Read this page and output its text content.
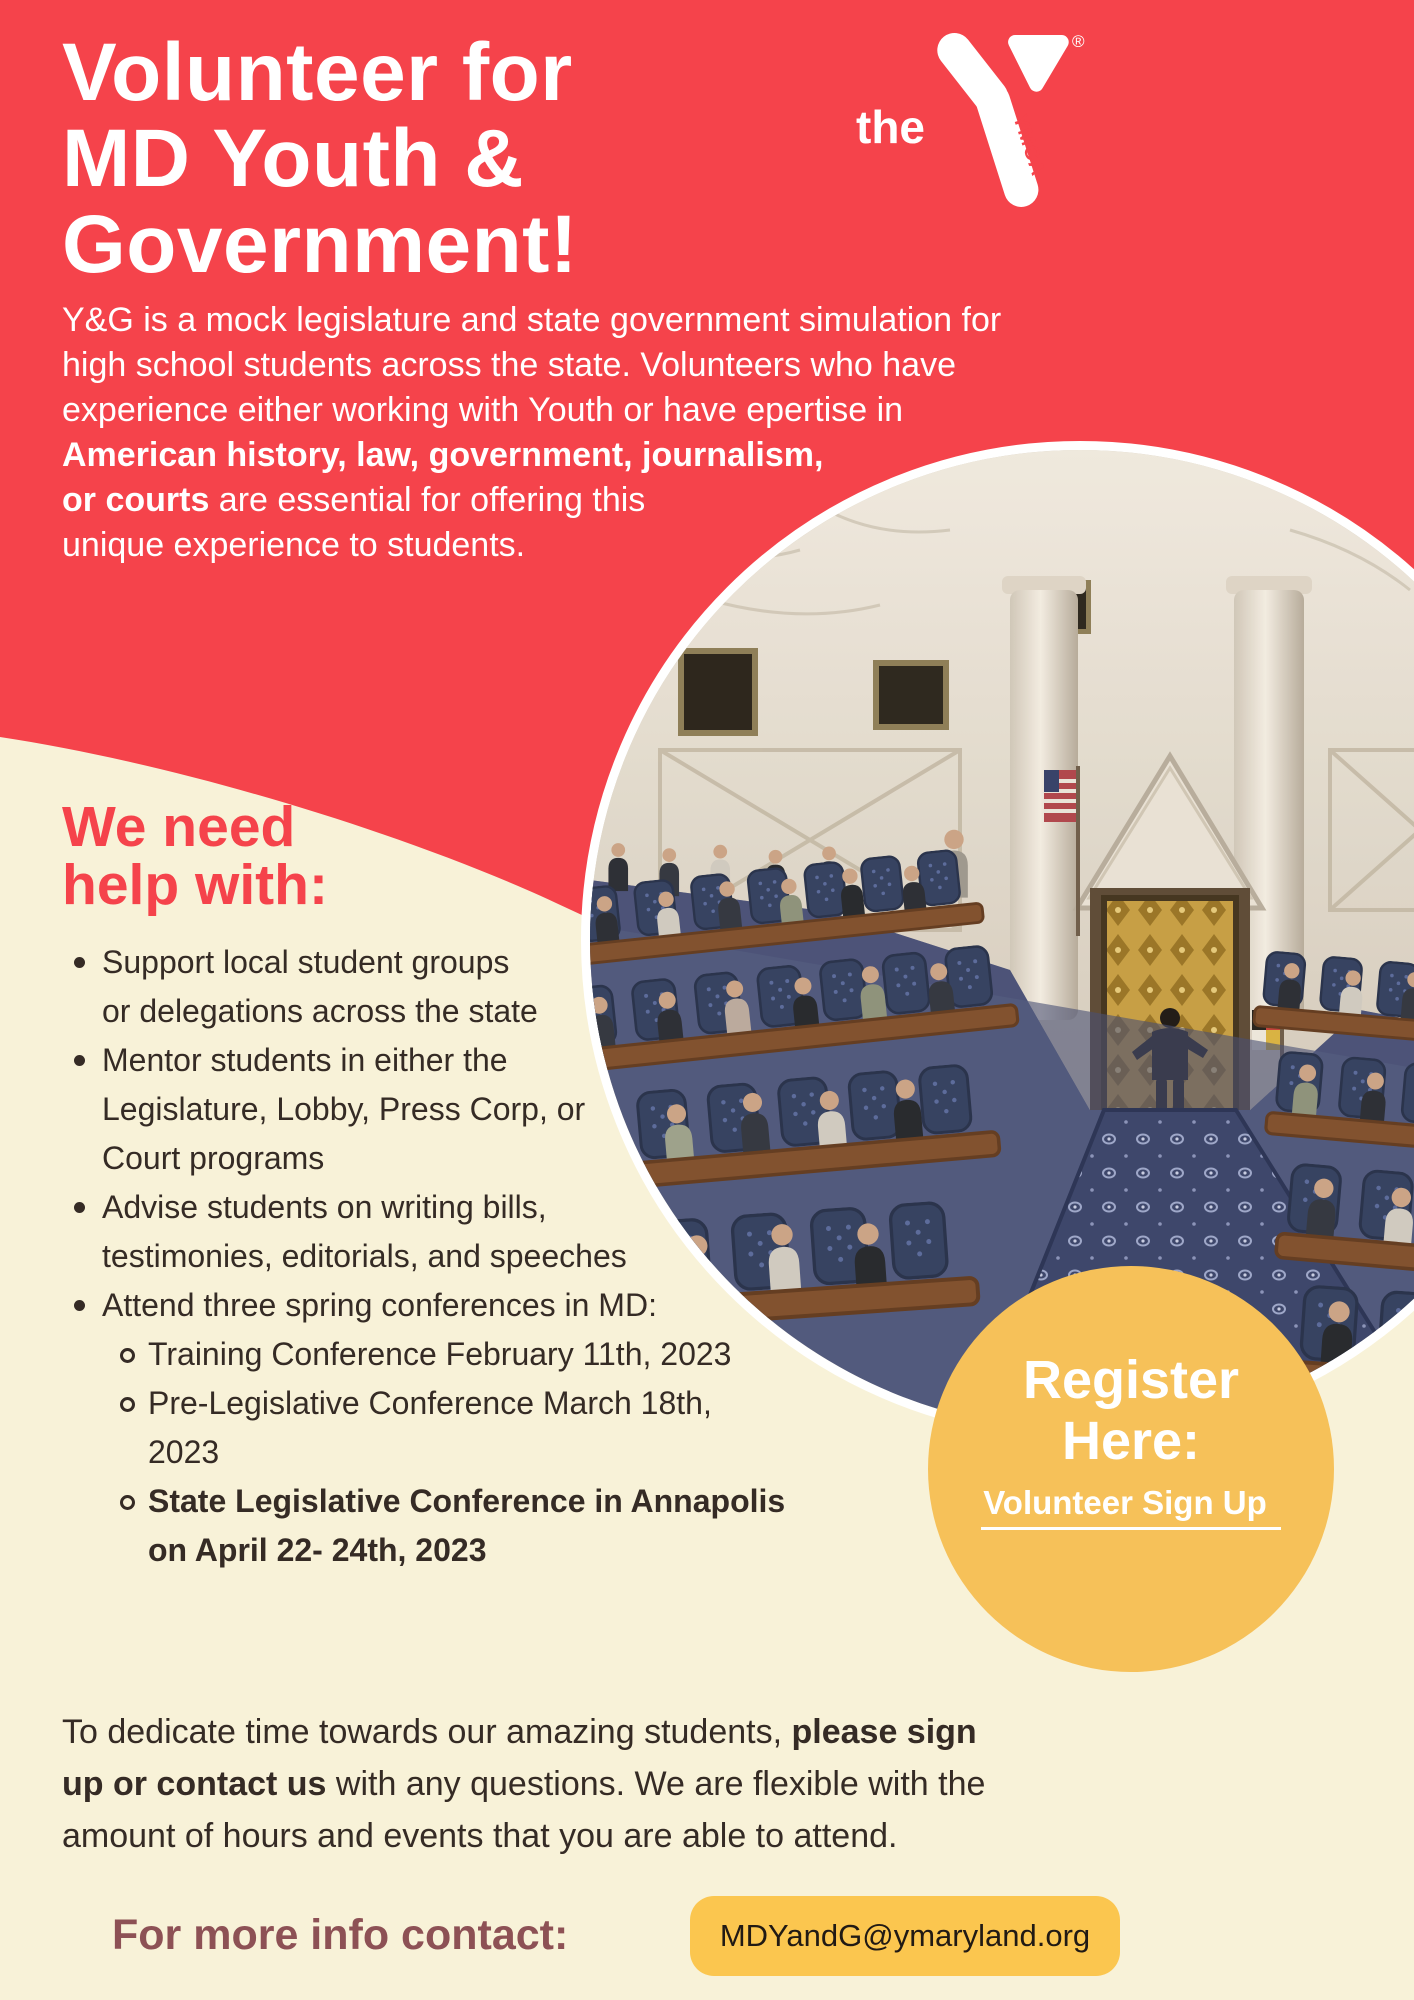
Volunteer for
MD Youth &
Government!
the	YMCA
®
Y&G is a mock legislature and state government simulation for
high school students across the state. Volunteers who have
experience either working with Youth or have epertise in
American history, law, government, journalism,
or courts are essential for offering this
unique experience to students.
We need
help with:
Support local student groups
or delegations across the state
Mentor students in either the
Legislature, Lobby, Press Corp, or
Court programs
Advise students on writing bills,
testimonies, editorials, and speeches
Attend three spring conferences in MD:
Training Conference February 11th, 2023
Pre-Legislative Conference March 18th,
2023
State Legislative Conference in Annapolis
on April 22- 24th, 2023
Register
Here:
Volunteer Sign Up
To dedicate time towards our amazing students, please sign
up or contact us with any questions. We are flexible with the
amount of hours and events that you are able to attend.
For more info contact:	MDYandG@ymaryland.org
